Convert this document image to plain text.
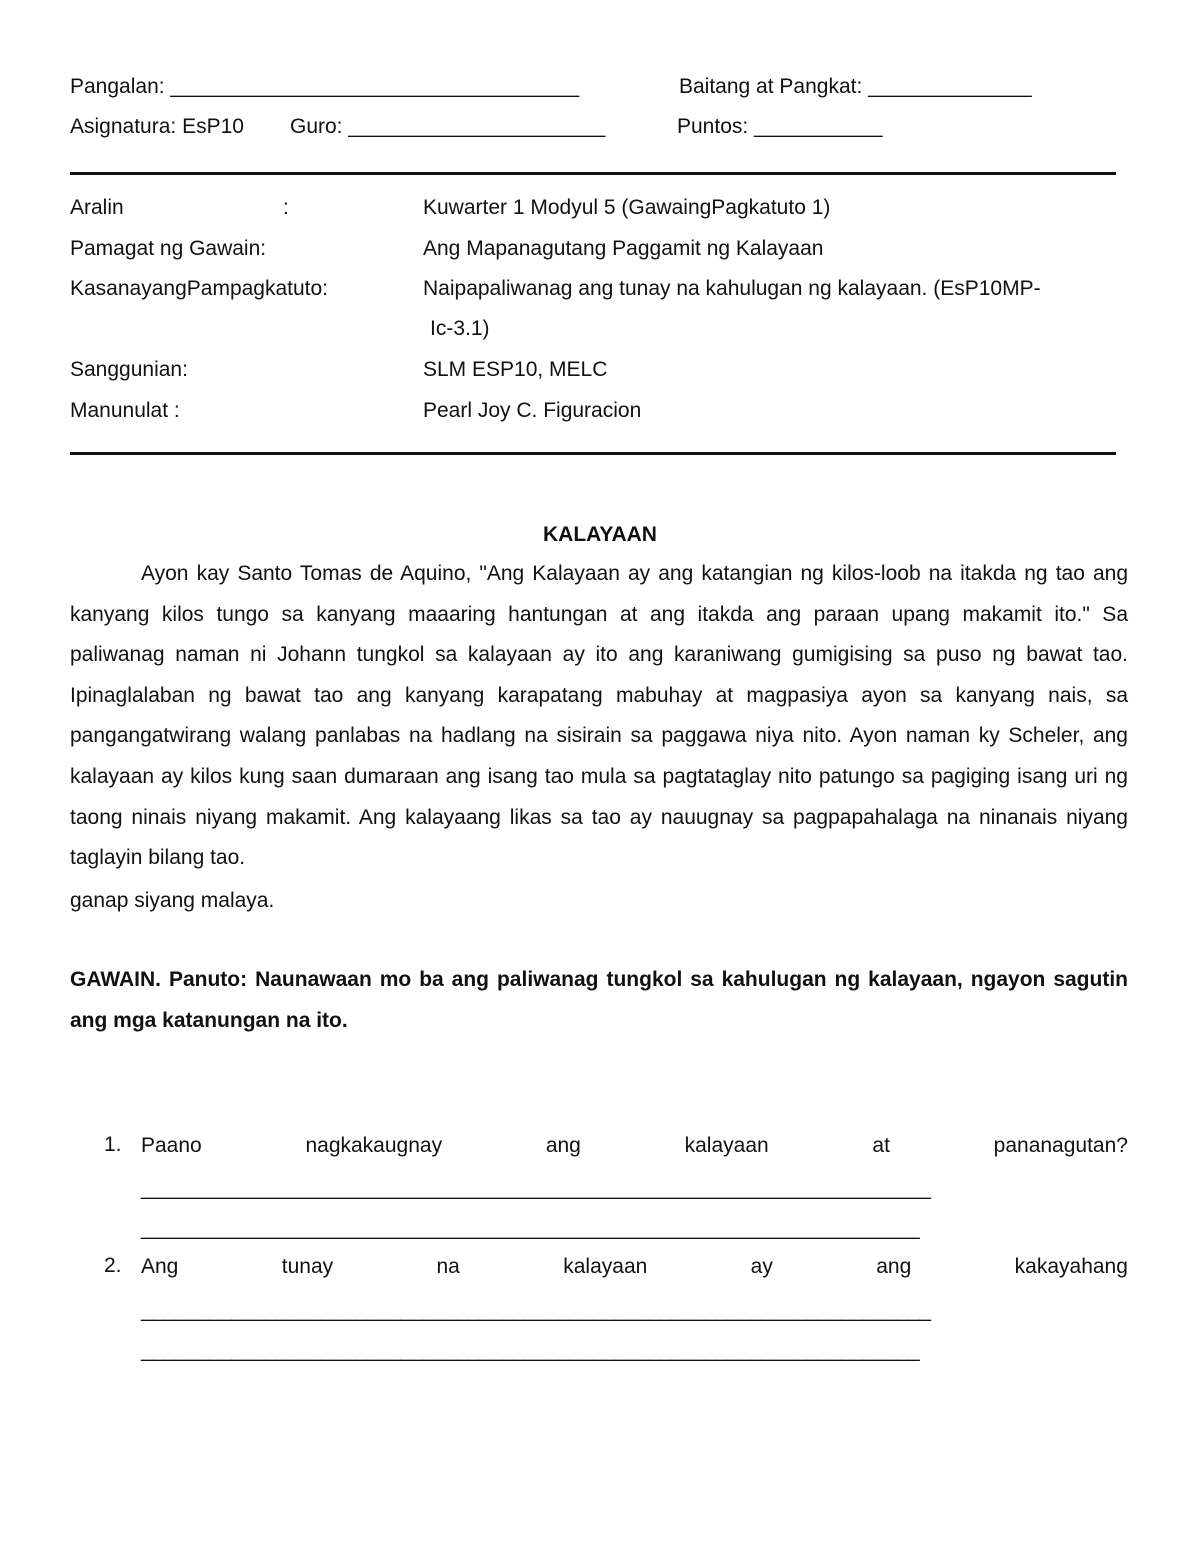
Pangalan: ___________________________________	Baitang at Pangkat: ______________
Asignatura: EsP10 Guro: ______________________	Puntos: ___________
Aralin	:	Kuwarter 1 Modyul 5 (GawaingPagkatuto 1)
Pamagat ng Gawain:	Ang Mapanagutang Paggamit ng Kalayaan
KasanayangPampagkatuto:	Naipapaliwanag ang tunay na kahulugan ng kalayaan. (EsP10MP-
Ic-3.1)
Sanggunian:	SLM ESP10, MELC
Manunulat :	Pearl Joy C. Figuracion
KALAYAAN
Ayon kay Santo Tomas de Aquino, "Ang Kalayaan ay ang katangian ng kilos-loob na itakda ng tao ang kanyang kilos tungo sa kanyang maaaring hantungan at ang itakda ang paraan upang makamit ito." Sa paliwanag naman ni Johann tungkol sa kalayaan ay ito ang karaniwang gumigising sa puso ng bawat tao. Ipinaglalaban ng bawat tao ang kanyang karapatang mabuhay at magpasiya ayon sa kanyang nais, sa pangangatwirang walang panlabas na hadlang na sisirain sa paggawa niya nito. Ayon naman ky Scheler, ang kalayaan ay kilos kung saan dumaraan ang isang tao mula sa pagtataglay nito patungo sa pagiging isang uri ng taong ninais niyang makamit. Ang kalayaang likas sa tao ay nauugnay sa pagpapahalaga na ninanais niyang taglayin bilang tao.
ganap siyang malaya.
GAWAIN. Panuto: Naunawaan mo ba ang paliwanag tungkol sa kahulugan ng kalayaan, ngayon sagutin ang mga katanungan na ito.
1. Paano	nagkakaugnay	ang	kalayaan	at	pananagutan?
______________________________________________________________________
_____________________________________________________________________
2. Ang	tunay	na	kalayaan	ay	ang	kakayahang
______________________________________________________________________
_____________________________________________________________________
